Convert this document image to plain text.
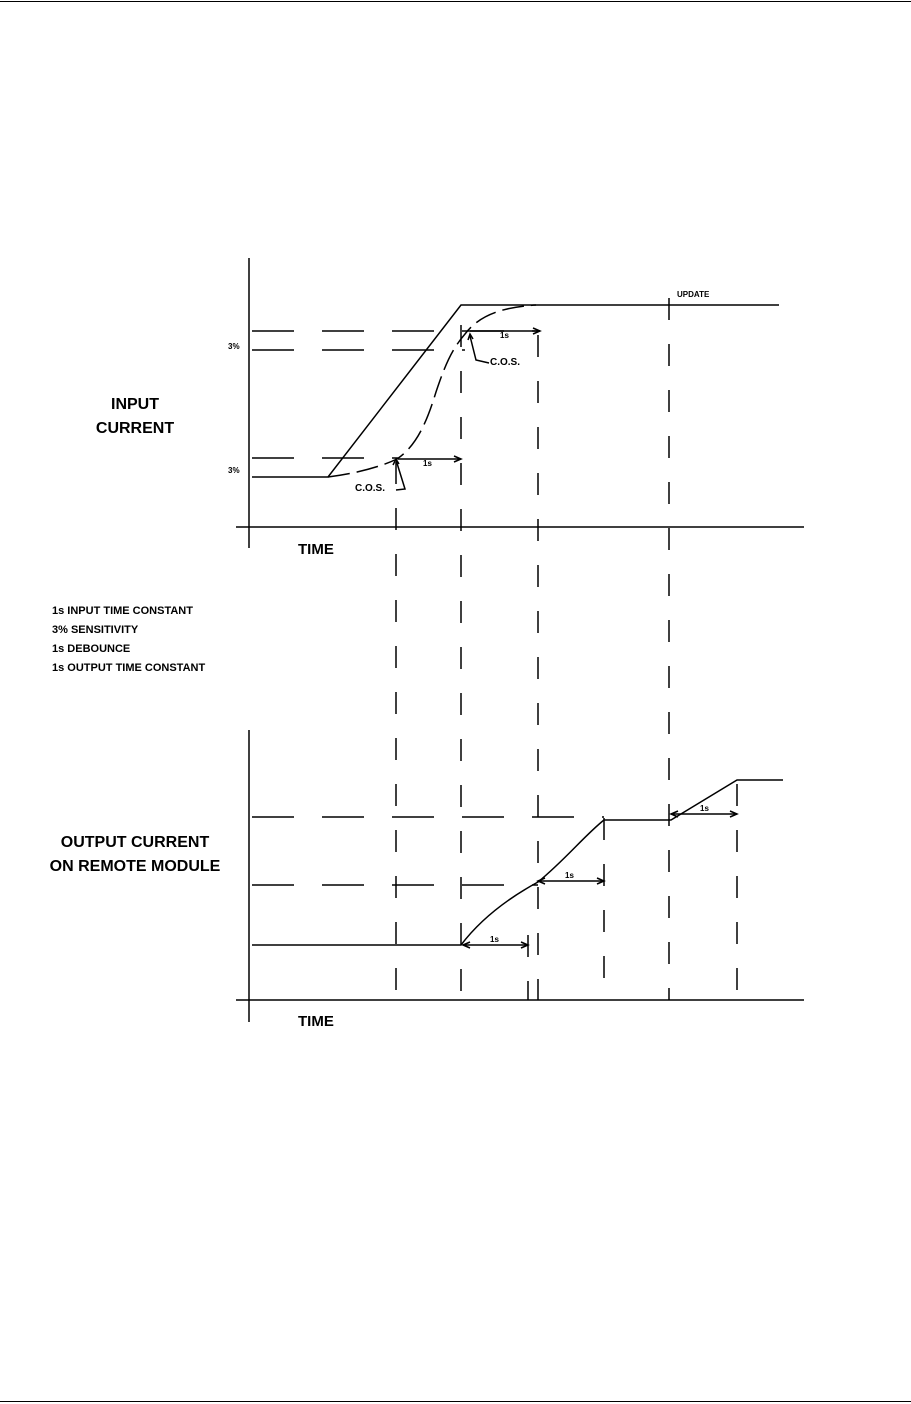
INPUT
CURRENT
3%
3%
UPDATE
1s
1s
C.O.S.
C.O.S.
TIME
1s INPUT TIME CONSTANT
3% SENSITIVITY
1s DEBOUNCE
1s OUTPUT TIME CONSTANT
OUTPUT CURRENT
ON REMOTE MODULE
1s
1s
1s
TIME
